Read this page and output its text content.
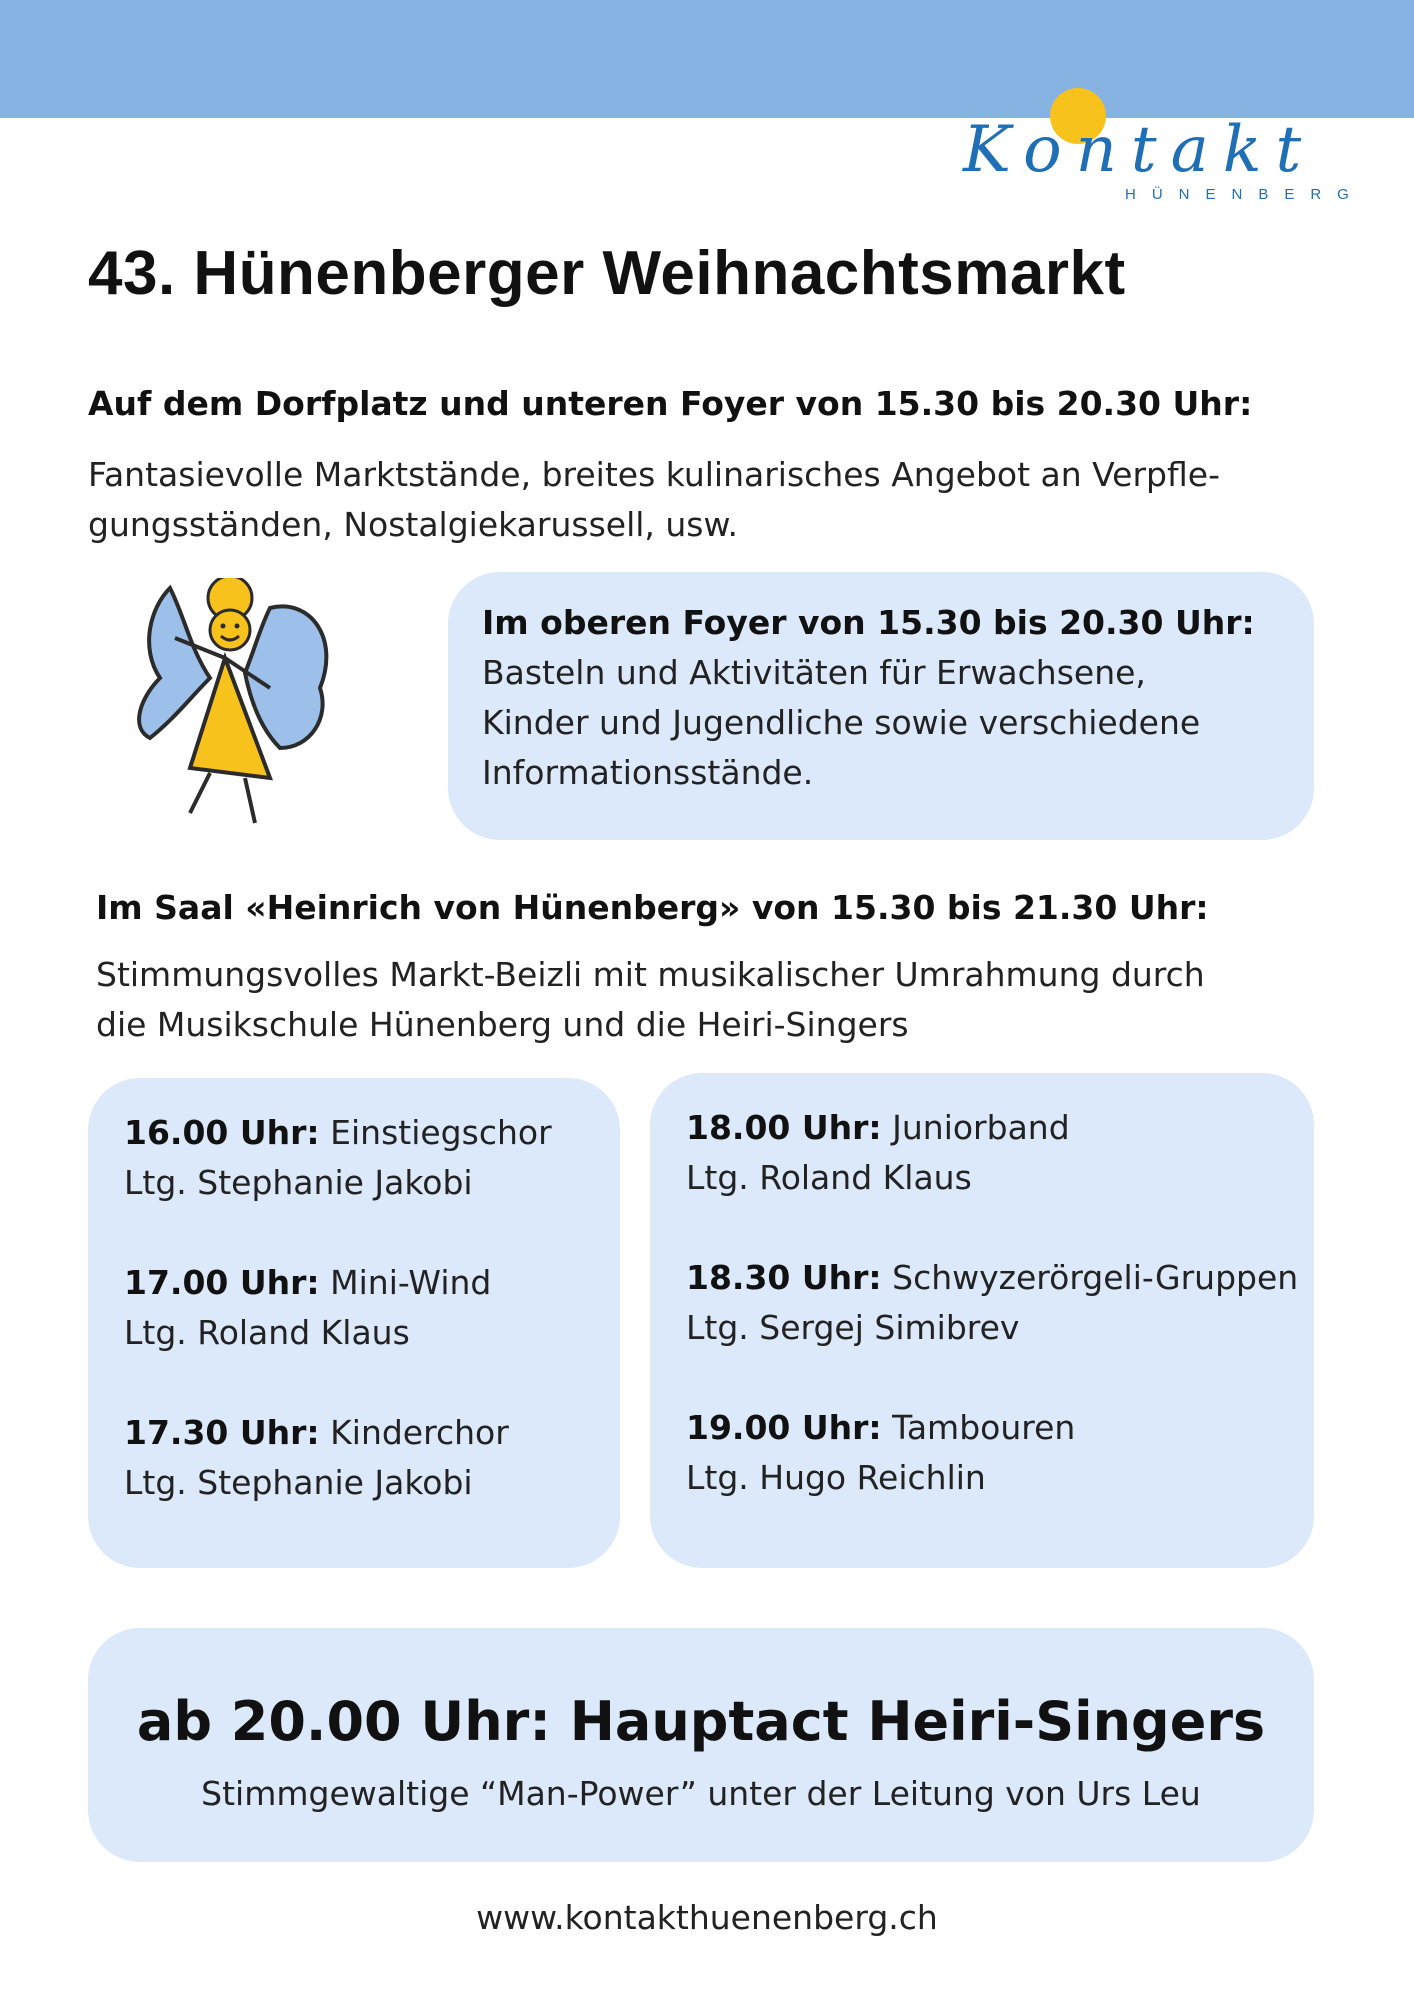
Kontakt
HÜNENBERG
43. Hünenberger Weihnachtsmarkt
Auf dem Dorfplatz und unteren Foyer von 15.30 bis 20.30 Uhr:
Fantasievolle Marktstände, breites kulinarisches Angebot an Verpfle-
gungsständen, Nostalgiekarussell, usw.
Im oberen Foyer von 15.30 bis 20.30 Uhr:
Basteln und Aktivitäten für Erwachsene,
Kinder und Jugendliche sowie verschiedene
Informationsstände.
Im Saal «Heinrich von Hünenberg» von 15.30 bis 21.30 Uhr:
Stimmungsvolles Markt-Beizli mit musikalischer Umrahmung durch
die Musikschule Hünenberg und die Heiri-Singers
16.00 Uhr: Einstiegschor
Ltg. Stephanie Jakobi
17.00 Uhr: Mini-Wind
Ltg. Roland Klaus
17.30 Uhr: Kinderchor
Ltg. Stephanie Jakobi
18.00 Uhr: Juniorband
Ltg. Roland Klaus
18.30 Uhr: Schwyzerörgeli-Gruppen
Ltg. Sergej Simibrev
19.00 Uhr: Tambouren
Ltg. Hugo Reichlin
ab 20.00 Uhr: Hauptact Heiri-Singers
Stimmgewaltige “Man-Power” unter der Leitung von Urs Leu
www.kontakthuenenberg.ch
